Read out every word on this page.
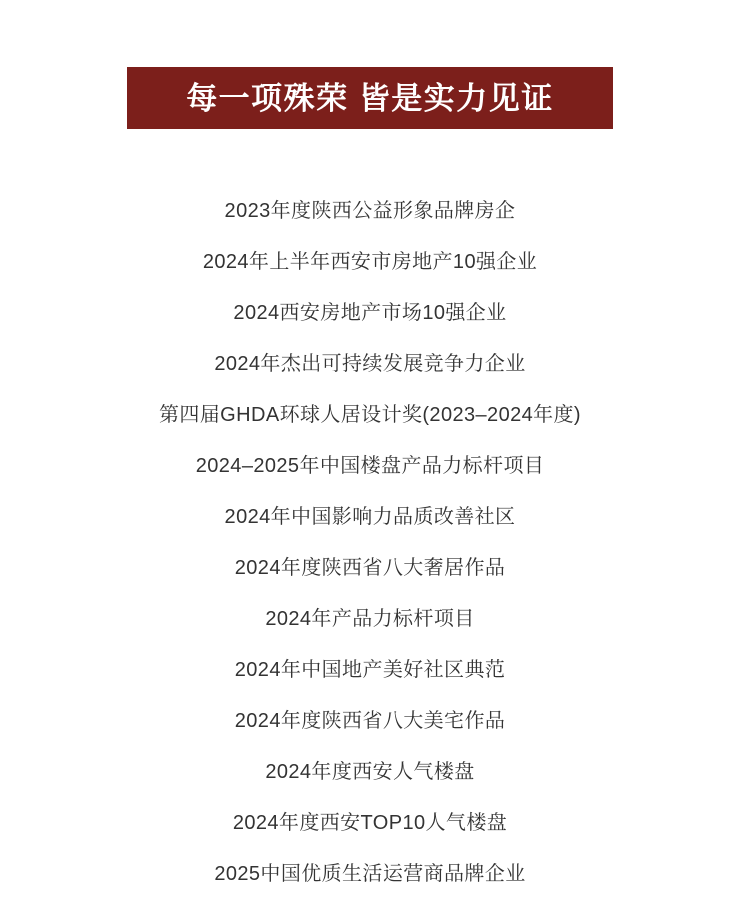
每一项殊荣 皆是实力见证
2023年度陕西公益形象品牌房企
2024年上半年西安市房地产10强企业
2024西安房地产市场10强企业
2024年杰出可持续发展竞争力企业
第四届GHDA环球人居设计奖(2023–2024年度)
2024–2025年中国楼盘产品力标杆项目
2024年中国影响力品质改善社区
2024年度陕西省八大奢居作品
2024年产品力标杆项目
2024年中国地产美好社区典范
2024年度陕西省八大美宅作品
2024年度西安人气楼盘
2024年度西安TOP10人气楼盘
2025中国优质生活运营商品牌企业
